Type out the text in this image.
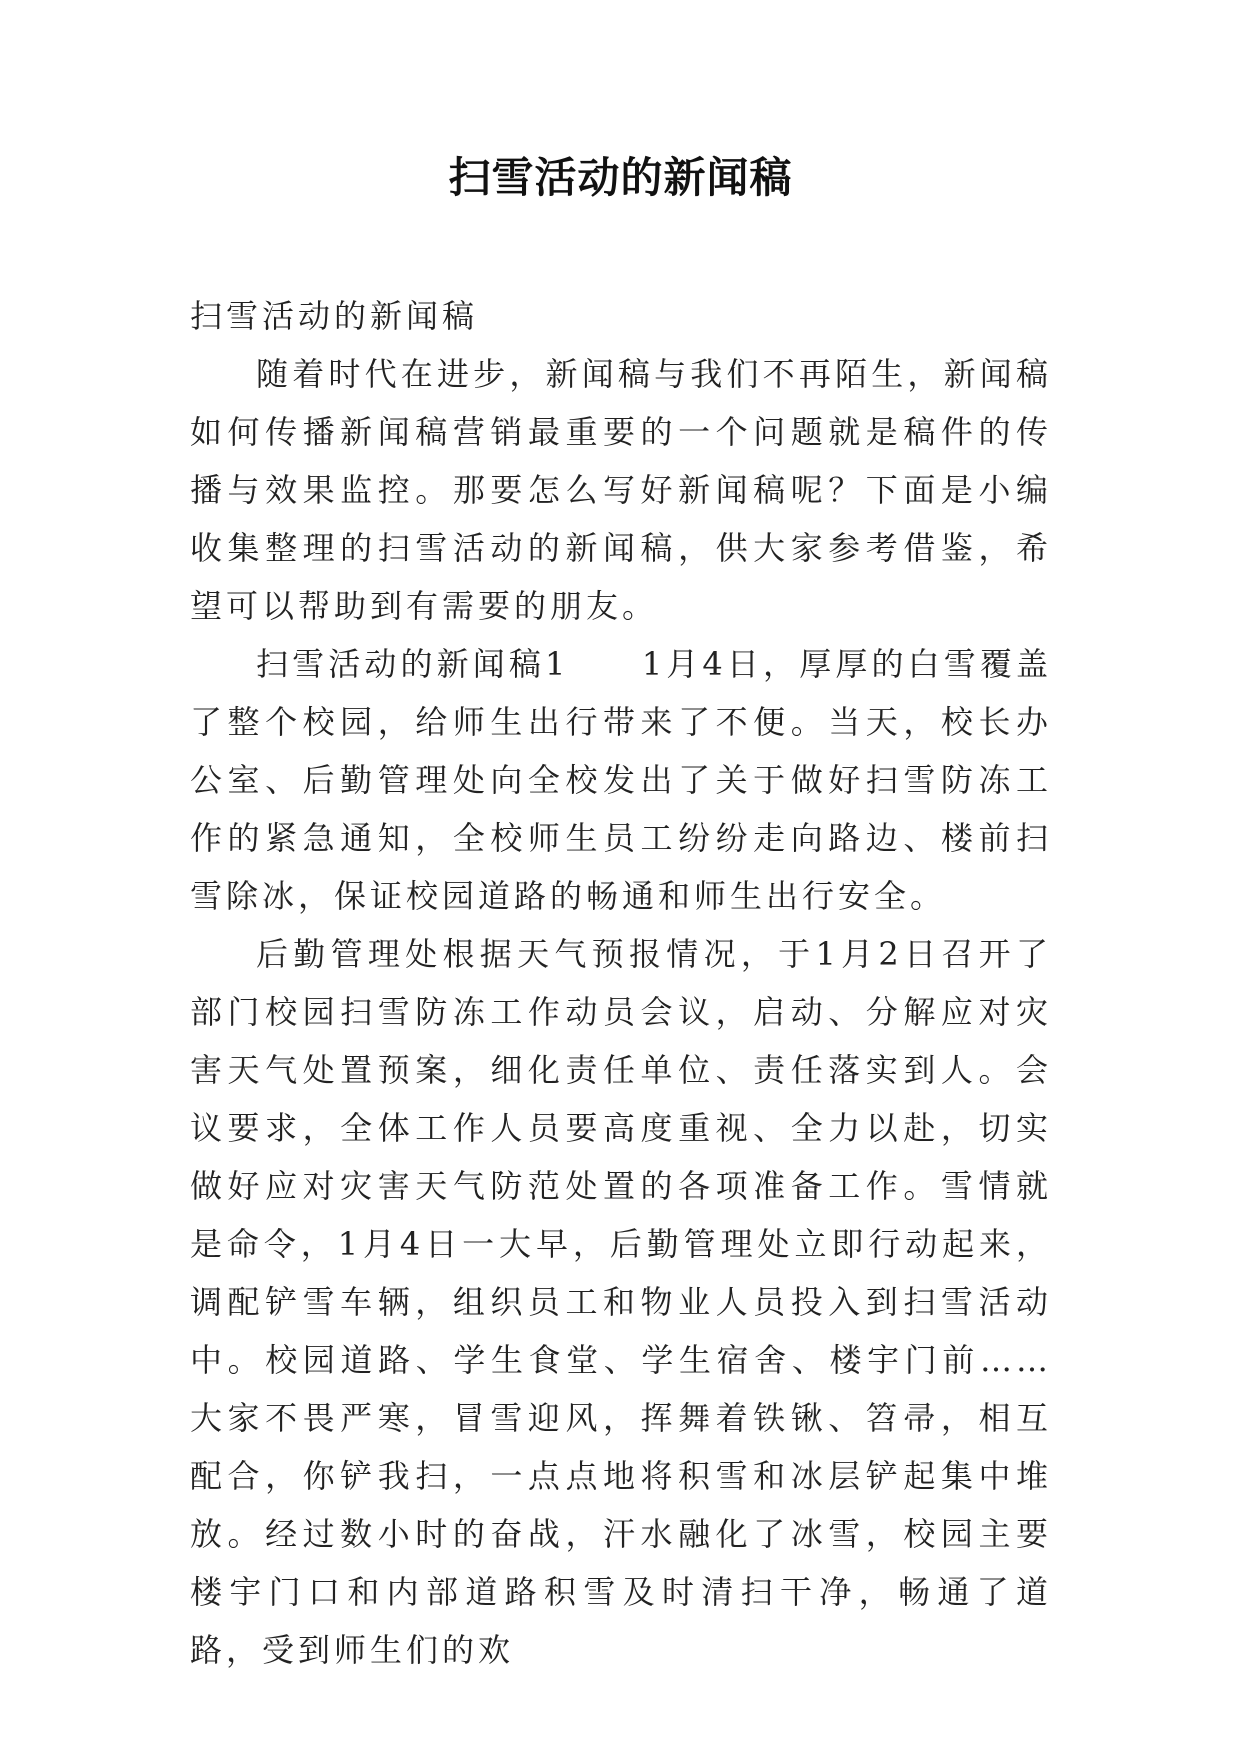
扫雪活动的新闻稿

扫雪活动的新闻稿

随着时代在进步，新闻稿与我们不再陌生，新闻稿如何传播新闻稿营销最重要的一个问题就是稿件的传播与效果监控。那要怎么写好新闻稿呢？下面是小编收集整理的扫雪活动的新闻稿，供大家参考借鉴，希望可以帮助到有需要的朋友。

扫雪活动的新闻稿1　　1月4日，厚厚的白雪覆盖了整个校园，给师生出行带来了不便。当天，校长办公室、后勤管理处向全校发出了关于做好扫雪防冻工作的紧急通知，全校师生员工纷纷走向路边、楼前扫雪除冰，保证校园道路的畅通和师生出行安全。

后勤管理处根据天气预报情况，于1月2日召开了部门校园扫雪防冻工作动员会议，启动、分解应对灾害天气处置预案，细化责任单位、责任落实到人。会议要求，全体工作人员要高度重视、全力以赴，切实做好应对灾害天气防范处置的各项准备工作。雪情就是命令，1月4日一大早，后勤管理处立即行动起来，调配铲雪车辆，组织员工和物业人员投入到扫雪活动中。校园道路、学生食堂、学生宿舍、楼宇门前……大家不畏严寒，冒雪迎风，挥舞着铁锹、笤帚，相互配合，你铲我扫，一点点地将积雪和冰层铲起集中堆放。经过数小时的奋战，汗水融化了冰雪，校园主要楼宇门口和内部道路积雪及时清扫干净，畅通了道路，受到师生们的欢
